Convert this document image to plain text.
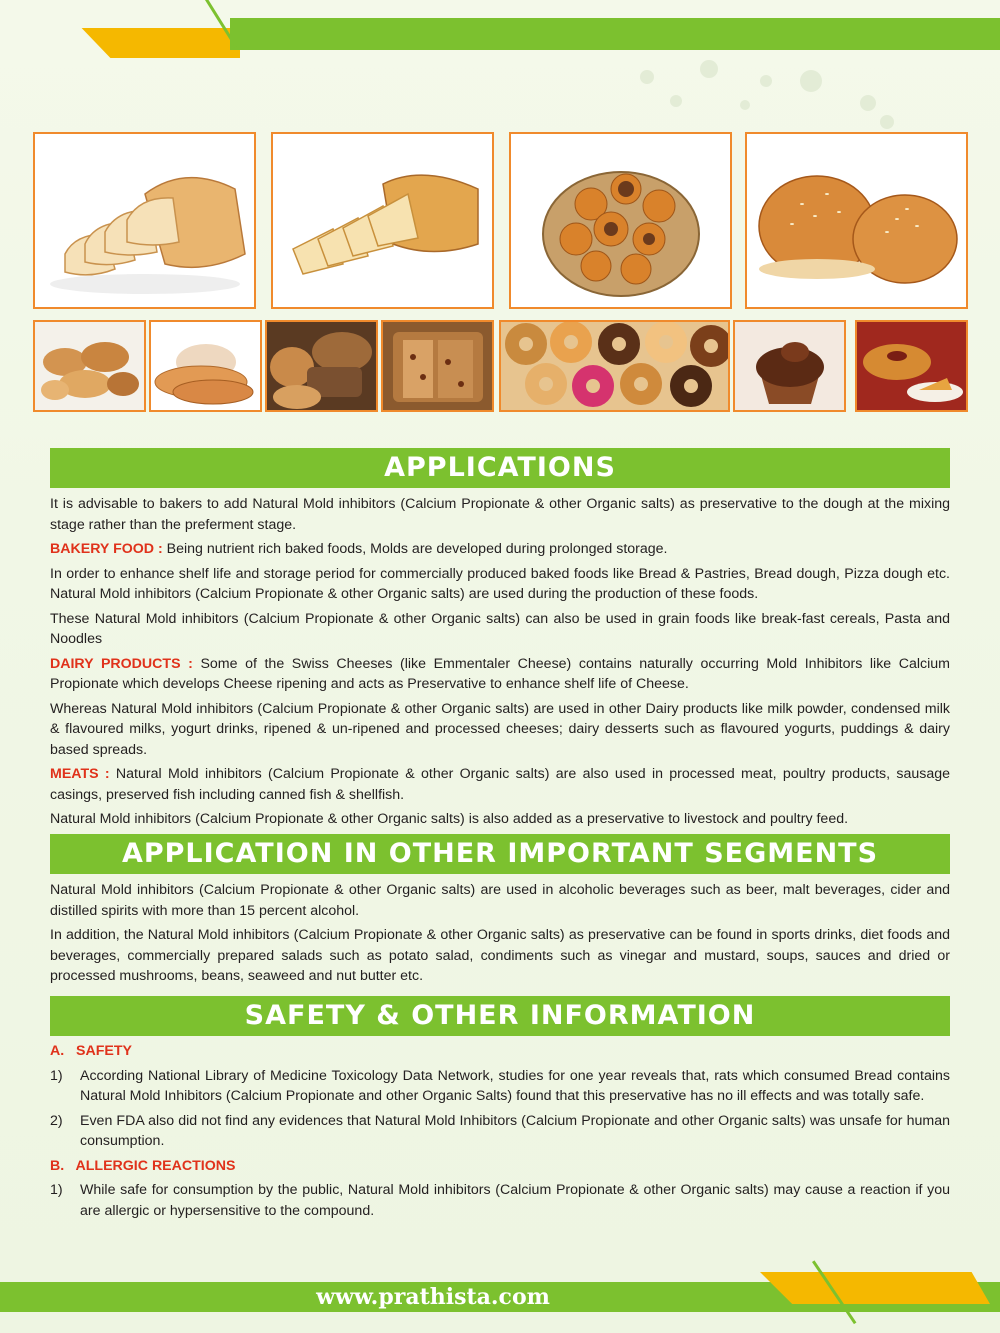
APPLICATIONS

It is advisable to bakers to add Natural Mold inhibitors (Calcium Propionate & other Organic salts) as preservative to the dough at the mixing stage rather than the preferment stage.

BAKERY FOOD : Being nutrient rich baked foods, Molds are developed during prolonged storage.

In order to enhance shelf life and storage period for commercially produced baked foods like Bread & Pastries, Bread dough, Pizza dough etc. Natural Mold inhibitors (Calcium Propionate & other Organic salts) are used during the production of these foods.

These Natural Mold inhibitors (Calcium Propionate & other Organic salts) can also be used in grain foods like break-fast cereals, Pasta and Noodles

DAIRY PRODUCTS : Some of the Swiss Cheeses (like Emmentaler Cheese) contains naturally occurring Mold Inhibitors like Calcium Propionate which develops Cheese ripening and acts as Preservative to enhance shelf life of Cheese.

Whereas Natural Mold inhibitors (Calcium Propionate & other Organic salts) are used in other Dairy products like milk powder, condensed milk & flavoured milks, yogurt drinks, ripened & un-ripened and processed cheeses; dairy desserts such as flavoured yogurts, puddings & dairy based spreads.

MEATS : Natural Mold inhibitors (Calcium Propionate & other Organic salts) are also used in processed meat, poultry products, sausage casings, preserved fish including canned fish & shellfish.

Natural Mold inhibitors (Calcium Propionate & other Organic salts) is also added as a preservative to livestock and poultry feed.

APPLICATION IN OTHER IMPORTANT SEGMENTS

Natural Mold inhibitors (Calcium Propionate & other Organic salts) are used in alcoholic beverages such as beer, malt beverages, cider and distilled spirits with more than 15 percent alcohol.

In addition, the Natural Mold inhibitors (Calcium Propionate & other Organic salts) as preservative can be found in sports drinks, diet foods and beverages, commercially prepared salads such as potato salad, condiments such as vinegar and mustard, soups, sauces and dried or processed mushrooms, beans, seaweed and nut butter etc.

SAFETY & OTHER INFORMATION
A.   SAFETY
1)	According National Library of Medicine Toxicology Data Network, studies for one year reveals that, rats which consumed Bread contains Natural Mold Inhibitors (Calcium Propionate and other Organic Salts) found that this preservative has no ill effects and was totally safe.
2)	Even FDA also did not find any evidences that Natural Mold Inhibitors (Calcium Propionate and other Organic salts) was unsafe for human consumption.
B.   ALLERGIC REACTIONS
1)	While safe for consumption by the public, Natural Mold inhibitors (Calcium Propionate & other Organic salts) may cause a reaction if you are allergic or hypersensitive to the compound.
www.prathista.com
